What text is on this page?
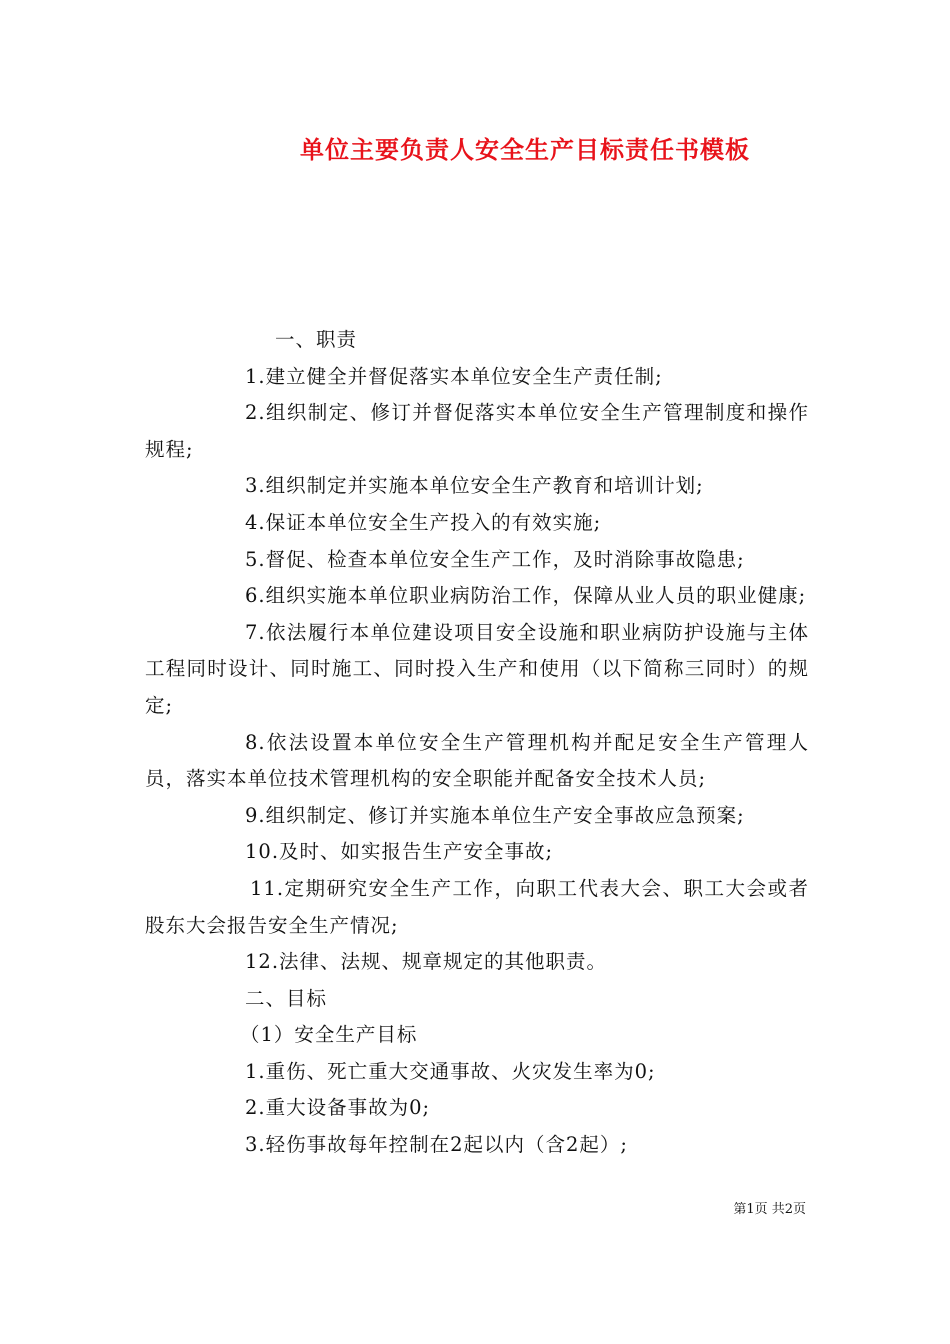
单位主要负责人安全生产目标责任书模板

一、职责

1.建立健全并督促落实本单位安全生产责任制;

2.组织制定、修订并督促落实本单位安全生产管理制度和操作规程;

3.组织制定并实施本单位安全生产教育和培训计划;

4.保证本单位安全生产投入的有效实施;

5.督促、检查本单位安全生产工作，及时消除事故隐患;

6.组织实施本单位职业病防治工作，保障从业人员的职业健康;

7.依法履行本单位建设项目安全设施和职业病防护设施与主体工程同时设计、同时施工、同时投入生产和使用（以下简称三同时）的规定;

8.依法设置本单位安全生产管理机构并配足安全生产管理人员，落实本单位技术管理机构的安全职能并配备安全技术人员;

9.组织制定、修订并实施本单位生产安全事故应急预案;

10.及时、如实报告生产安全事故;

11.定期研究安全生产工作，向职工代表大会、职工大会或者股东大会报告安全生产情况;

12.法律、法规、规章规定的其他职责。

二、目标

（1）安全生产目标

1.重伤、死亡重大交通事故、火灾发生率为0;

2.重大设备事故为0;

3.轻伤事故每年控制在2起以内（含2起）;

第1页 共2页
